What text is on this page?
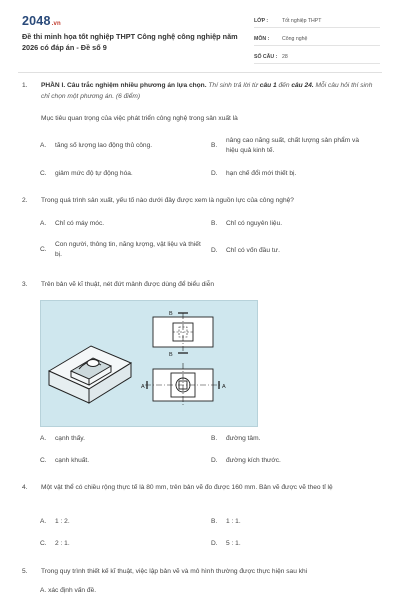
2048.vn
Đề thi minh họa tốt nghiệp THPT Công nghệ công nghiệp năm 2026 có đáp án - Đề số 9
LỚP :	Tốt nghiệp THPT
MÔN :	Công nghệ
SỐ CÂU : 28
1. PHẦN I. Câu trắc nghiệm nhiều phương án lựa chọn. Thí sinh trả lời từ câu 1 đến câu 24. Mỗi câu hỏi thí sinh chỉ chọn một phương án. (6 điểm)
Mục tiêu quan trọng của việc phát triển công nghệ trong sản xuất là
A. tăng số lượng lao động thủ công.	B.
nâng cao năng suất, chất lượng sản phẩm và hiệu quả kinh tế.
C. giảm mức độ tự động hóa.	D. hạn chế đổi mới thiết bị.
2. Trong quá trình sản xuất, yếu tố nào dưới đây được xem là nguồn lực của công nghệ?
A. Chỉ có máy móc.	B. Chỉ có nguyên liệu.
C.
Con người, thông tin, năng lượng, vật liệu và thiết bị.
D. Chỉ có vốn đầu tư.
3. Trên bản vẽ kĩ thuật, nét đứt mảnh được dùng để biểu diễn
B
B
A	A
A. cạnh thấy.	B. đường tâm.
C. cạnh khuất.	D. đường kích thước.
4. Một vật thể có chiều rộng thực tế là 80 mm, trên bản vẽ đo được 160 mm. Bản vẽ được vẽ theo tỉ lệ
A. 1 : 2.	B. 1 : 1.
C. 2 : 1.	D. 5 : 1.
5. Trong quy trình thiết kế kĩ thuật, việc lập bản vẽ và mô hình thường được thực hiện sau khi
A. xác định vấn đề.
